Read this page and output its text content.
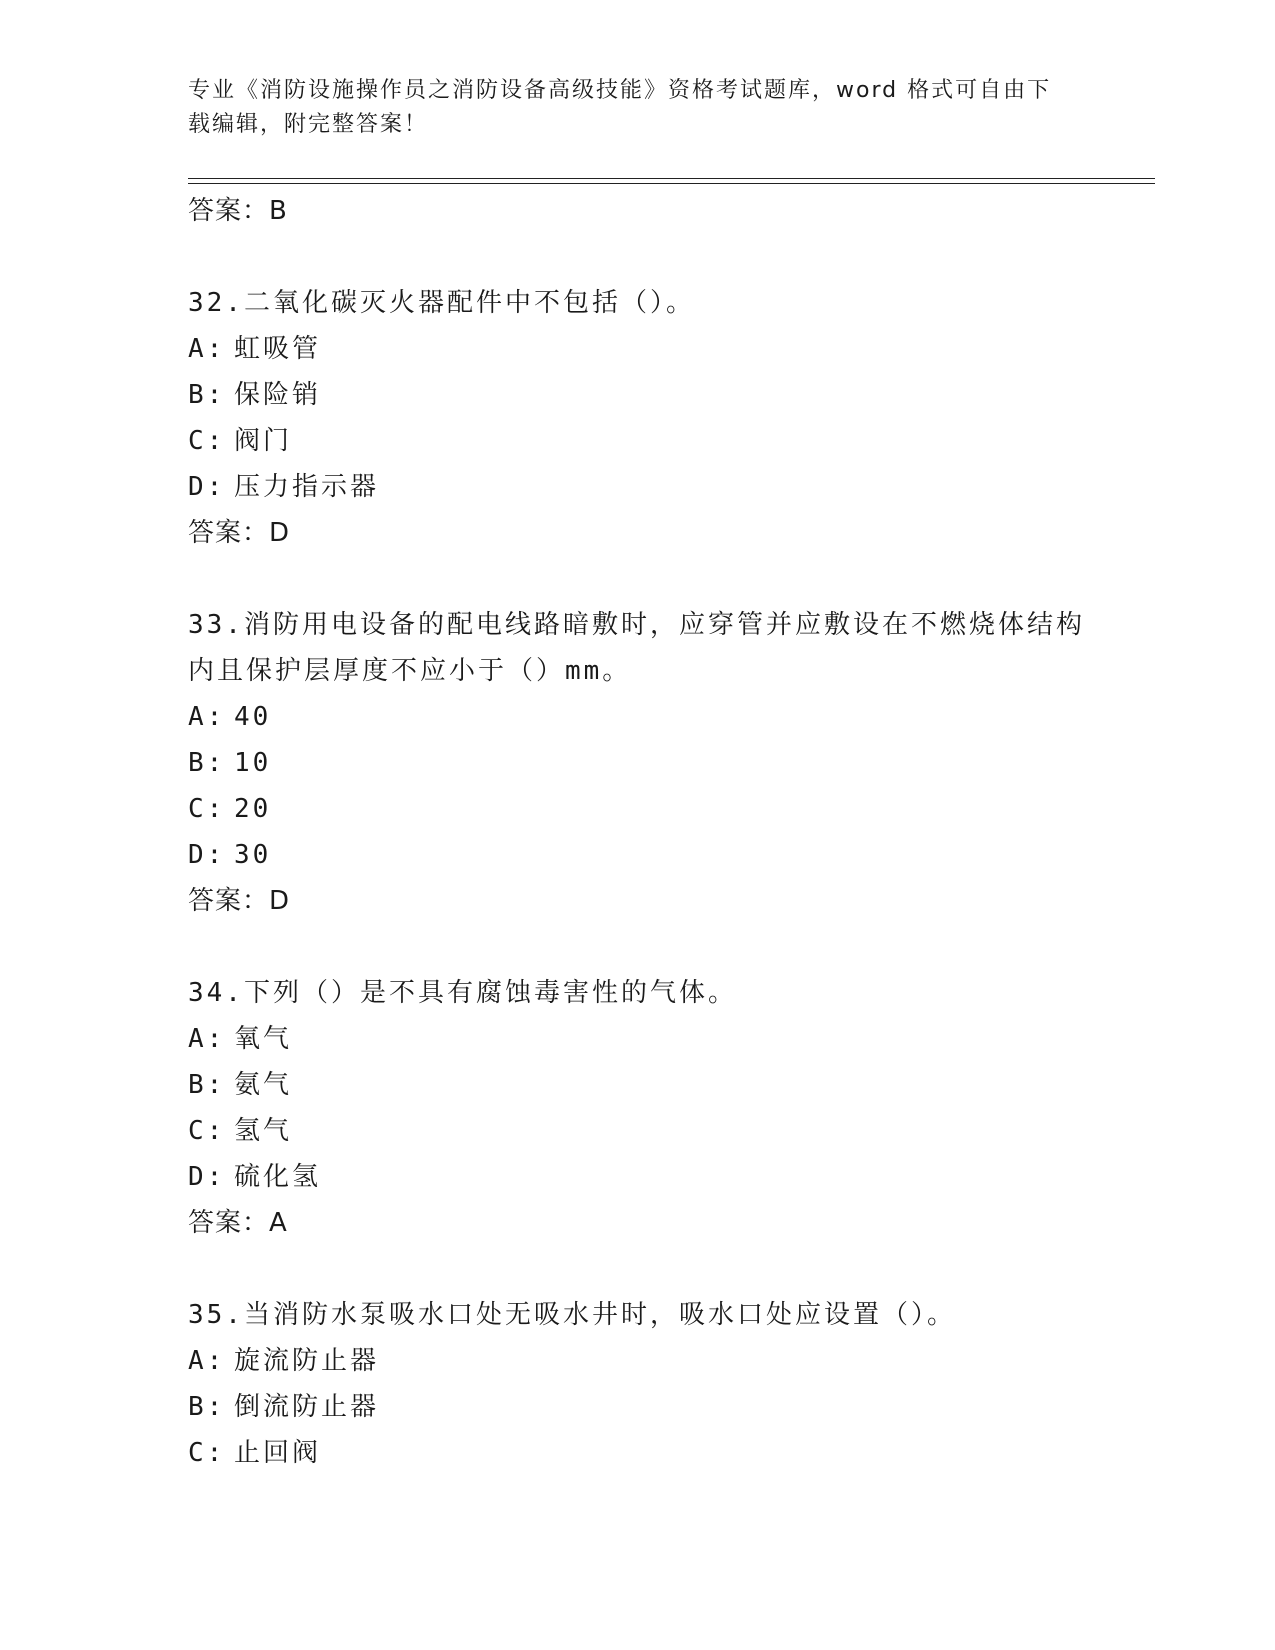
专业《消防设施操作员之消防设备高级技能》资格考试题库，word 格式可自由下
载编辑，附完整答案！
答案：B
32.二氧化碳灭火器配件中不包括（）。
A: 虹吸管
B: 保险销
C: 阀门
D: 压力指示器
答案：D
33.消防用电设备的配电线路暗敷时，应穿管并应敷设在不燃烧体结构
内且保护层厚度不应小于（）mm。
A: 40
B: 10
C: 20
D: 30
答案：D
34.下列（）是不具有腐蚀毒害性的气体。
A: 氧气
B: 氨气
C: 氢气
D: 硫化氢
答案：A
35.当消防水泵吸水口处无吸水井时，吸水口处应设置（）。
A: 旋流防止器
B: 倒流防止器
C: 止回阀
